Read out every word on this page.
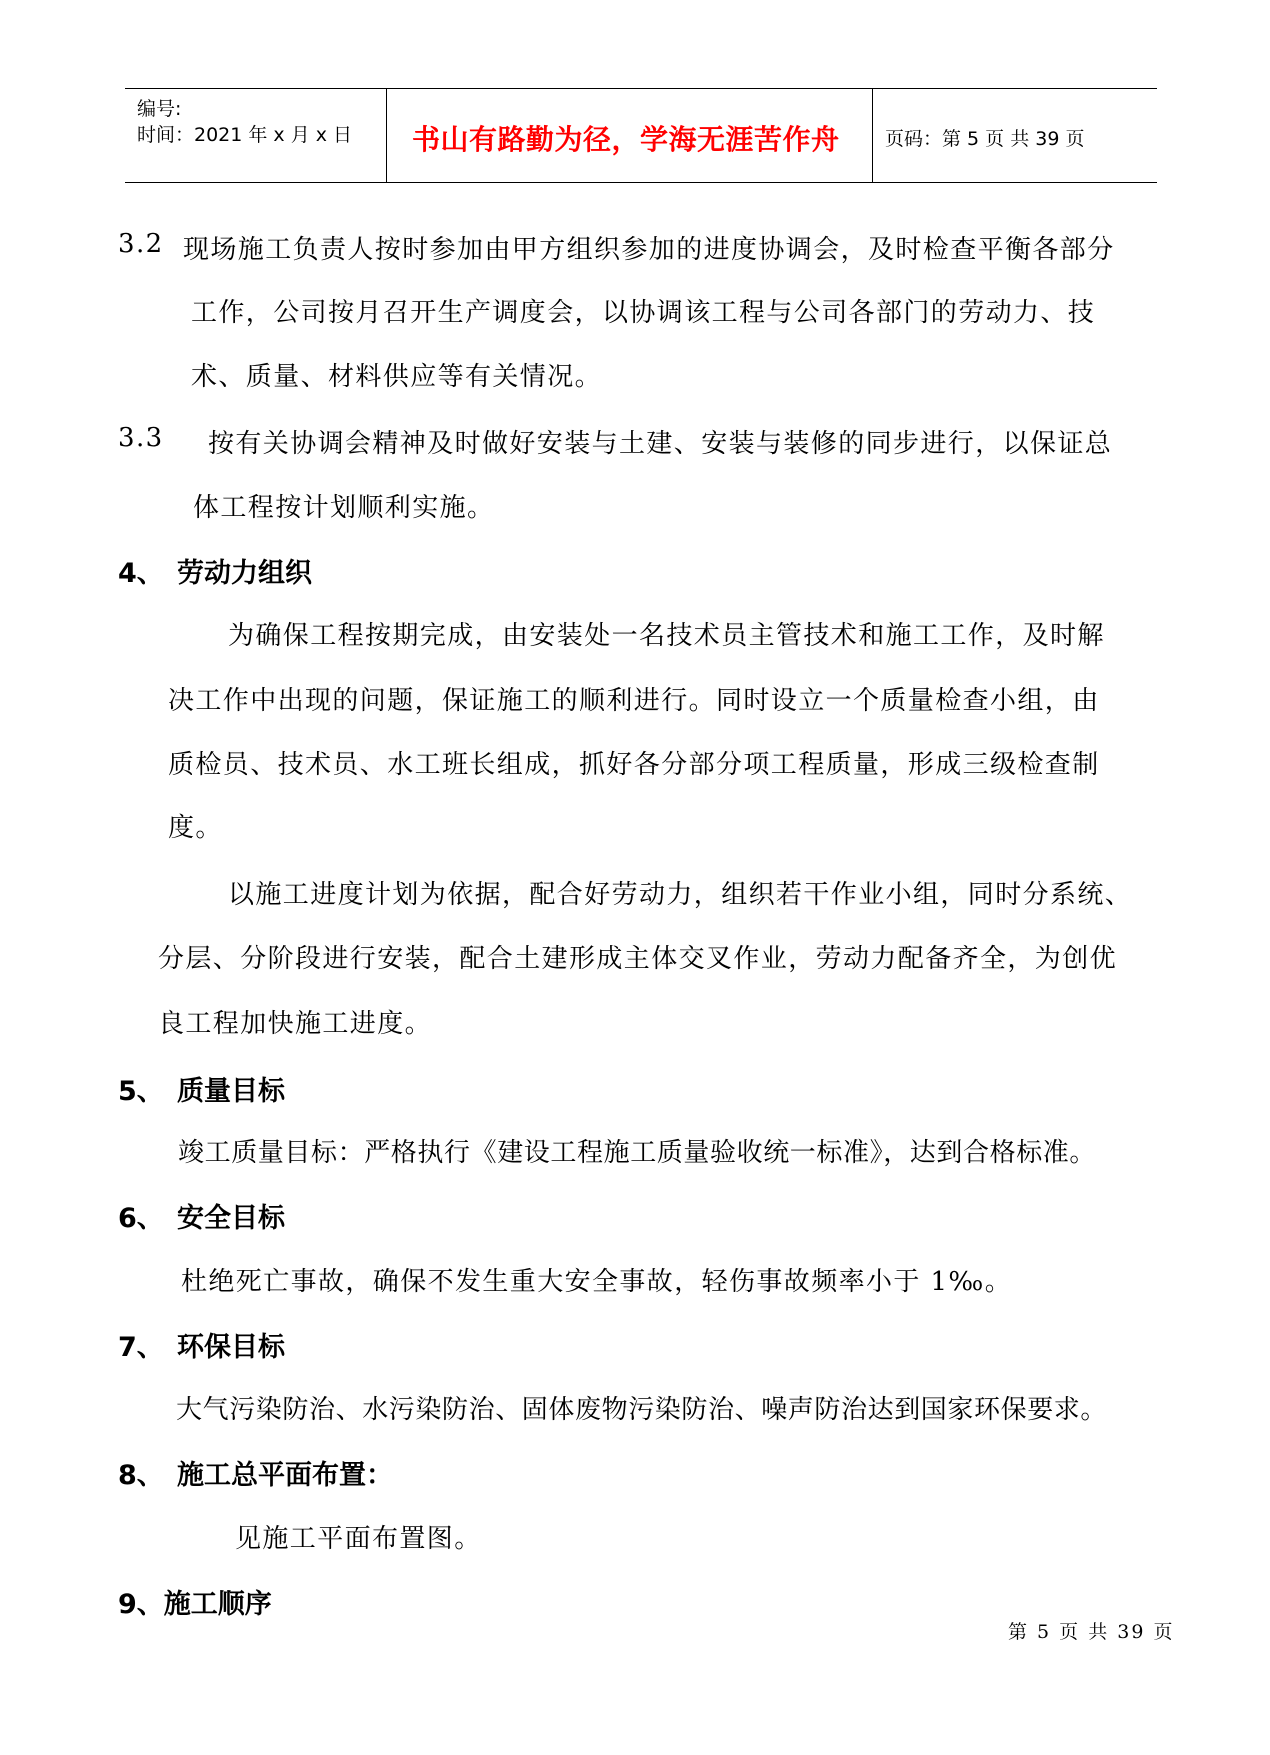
编号:
时间：2021 年 x 月 x 日 书山有路勤为径，学海无涯苦作舟 页码：第 5 页 共 39 页
3.2 现场施工负责人按时参加由甲方组织参加的进度协调会，及时检查平衡各部分
工作，公司按月召开生产调度会，以协调该工程与公司各部门的劳动力、技
术、质量、材料供应等有关情况。
3.3 按有关协调会精神及时做好安装与土建、安装与装修的同步进行，以保证总
体工程按计划顺利实施。
4、 劳动力组织
为确保工程按期完成，由安装处一名技术员主管技术和施工工作，及时解
决工作中出现的问题，保证施工的顺利进行。同时设立一个质量检查小组，由
质检员、技术员、水工班长组成，抓好各分部分项工程质量，形成三级检查制
度。
以施工进度计划为依据，配合好劳动力，组织若干作业小组，同时分系统、
分层、分阶段进行安装，配合土建形成主体交叉作业，劳动力配备齐全，为创优
良工程加快施工进度。
5、 质量目标
竣工质量目标：严格执行《建设工程施工质量验收统一标准》，达到合格标准。
6、 安全目标
杜绝死亡事故，确保不发生重大安全事故，轻伤事故频率小于 1‰。
7、 环保目标
大气污染防治、水污染防治、固体废物污染防治、噪声防治达到国家环保要求。
8、 施工总平面布置：
见施工平面布置图。
9、施工顺序
第 5 页 共 39 页
